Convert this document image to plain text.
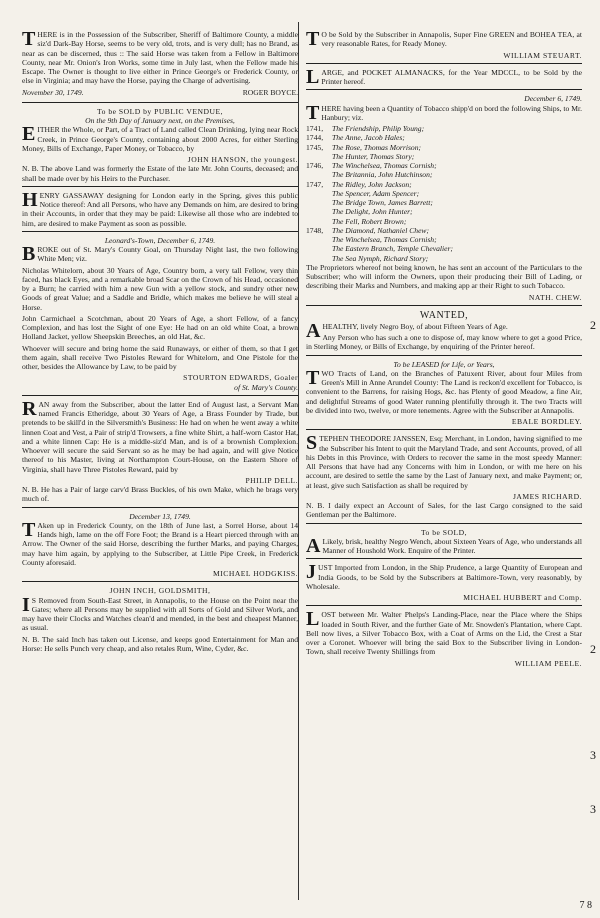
THERE is in the Possession of the Subscriber, Sheriff of Baltimore County, a middle siz'd Dark-Bay Horse, seems to be very old, trots, and is very dull; has no Brand, as near as can be discerned, thus :: The said Horse was taken from a Fellow in Baltimore County, near Mr. Onion's Iron Works, some time in July last, when the Fellow made his Escape. The Owner is thought to live either in Prince George's or Frederick County, or else in Virginia; and may have the Horse, paying the Charge of advertising.

November 30, 1749.	ROGER BOYCE.

To be SOLD by PUBLIC VENDUE,
On the 9th Day of January next, on the Premises,

EITHER the Whole, or Part, of a Tract of Land called Clean Drinking, lying near Rock Creek, in Prince George's County, containing about 2000 Acres, for either Sterling Money, Bills of Exchange, Paper Money, or Tobacco, by

JOHN HANSON, the youngest.

N. B. The above Land was formerly the Estate of the late Mr. John Courts, deceased; and shall be made over by his Heirs to the Purchaser.

HENRY GASSAWAY designing for London early in the Spring, gives this public Notice thereof: And all Persons, who have any Demands on him, are desired to bring in their Accounts, in order that they may be paid: Likewise all those who are indebted to him, are desired to make Payment as soon as possible.

Leonard's-Town, December 6, 1749.

BROKE out of St. Mary's County Goal, on Thursday Night last, the two following White Men; viz.

Nicholas Whitelorn, about 30 Years of Age, Country born, a very tall Fellow, very thin faced, has black Eyes, and a remarkable broad Scar on the Crown of his Head, occasioned by a Burn; he carried with him a new Gun with a yellow stock, and sundry other new Goods of great Value; and a Saddle and Bridle, which makes me believe he will steal a Horse.

John Carmichael a Scotchman, about 20 Years of Age, a short Fellow, of a fancy Complexion, and has lost the Sight of one Eye: He had on an old white Coat, a brown Holland Jacket, yellow Sheepskin Breeches, an old Hat, &c.

Whoever will secure and bring home the said Runaways, or either of them, so that I get them again, shall receive Two Pistoles Reward for Whitelorn, and One Pistole for the other, besides the Allowance by Law, to be paid by

STOURTON EDWARDS, Goaler
of St. Mary's County.

RAN away from the Subscriber, about the latter End of August last, a Servant Man named Francis Etheridge, about 30 Years of Age, a Brass Founder by Trade, but pretends to be skill'd in the Silversmith's Business: He had on when he went away a white linnen Coat and Vest, a Pair of strip'd Trowsers, a fine white Shirt, a half-worn Castor Hat, and a white linnen Cap: He is a middle-siz'd Man, and is of a brownish Complexion. Whoever will secure the said Servant so as he may be had again, and will give Notice thereof to his Master, living at Northampton Court-House, on the Eastern Shore of Virginia, shall have Three Pistoles Reward, paid by

PHILIP DELL.

N. B. He has a Pair of large carv'd Brass Buckles, of his own Make, which he brags very much of.

December 13, 1749.

T Aken up in Frederick County, on the 18th of June last, a Sorrel Horse, about 14 Hands high, lame on the off Fore Foot; the Brand is a Heart pierced through with an Arrow. The Owner of the said Horse, describing the further Marks, and paying Charges, may have him again, by applying to the Subscriber, at Little Pipe Creek, in Frederick County aforesaid.

MICHAEL HODGKISS.
JOHN INCH, GOLDSMITH,

I S Removed from South-East Street, in Annapolis, to the House on the Point near the Gates; where all Persons may be supplied with all Sorts of Gold and Silver Work, and may have their Clocks and Watches clean'd and mended, in the best and cheapest Manner, as usual.

N. B. The said Inch has taken out License, and keeps good Entertainment for Man and Horse: He sells Punch very cheap, and also retales Rum, Wine, Cyder, &c.

T O be Sold by the Subscriber in Annapolis, Super Fine GREEN and BOHEA TEA, at very reasonable Rates, for Ready Money.

WILLIAM STEUART.

LARGE, and POCKET ALMANACKS, for the Year MDCCL, to be Sold by the Printer hereof.

December 6, 1749.

THERE having been a Quantity of Tobacco shipp'd on bord the following Ships, to Mr. Hanbury; viz.

1741, The Friendship, Philip Young;
1744, The Anne, Jacob Hales;
1745, The Rose, Thomas Morrison;
The Hunter, Thomas Story;
1746, The Winchelsea, Thomas Cornish;
The Britannia, John Hutchinson;
1747, The Ridley, John Jackson;
The Spencer, Adam Spencer;
The Bridge Town, James Barrett;
The Delight, John Hunter;
The Fell, Robert Brown;
1748, The Diamond, Nathaniel Chew;
The Winchelsea, Thomas Cornish;
The Eastern Branch, Temple Chevalier;
The Sea Nymph, Richard Story;

The Proprietors whereof not being known, he has sent an account of the Particulars to the Subscriber; who will inform the Owners, upon their producing their Bill of Lading, or describing their Marks and Numbers, and making app ar their Right to such Tobacco.

NATH. CHEW.
WANTED,

AHEALTHY, lively Negro Boy, of about Fifteen Years of Age.

Any Person who has such a one to dispose of, may know where to get a good Price, in Sterling Money, or Bills of Exchange, by enquiring of the Printer hereof.

To be LEASED for Life, or Years,

TWO Tracts of Land, on the Branches of Patuxent River, about four Miles from Green's Mill in Anne Arundel County: The Land is reckon'd excellent for Tobacco, is convenient to the Barrens, for raising Hogs, &c. has Plenty of good Meadow, a fine Air, and delightful Streams of good Water running plentifully through it. The two Tracts will be divided into two, twelve, or more tenements. Agree with the Subscriber at Annapolis.

EBALE BORDLEY.

STEPHEN THEODORE JANSSEN, Esq; Merchant, in London, having signified to me the Subscriber his Intent to quit the Maryland Trade, and sent Accounts, proved, of all his Debts in this Province, with Orders to recover the same in the most speedy Manner: All Persons that have had any Concerns with him in London, or with me here on his account, are desired to settle the same by the Last of January next, and make Payment; or, at least, give such Satisfaction as shall be required by

JAMES RICHARD.

N. B. I daily expect an Account of Sales, for the last Cargo consigned to the said Gentleman per the Baltimore.

To be SOLD,

A Likely, brisk, healthy Negro Wench, about Sixteen Years of Age, who understands all Manner of Houshold Work. Enquire of the Printer.

JUST Imported from London, in the Ship Prudence, a large Quantity of European and India Goods, to be Sold by the Subscribers at Baltimore-Town, very reasonably, by Wholesale.

MICHAEL HUBBERT and Comp.

LOST between Mr. Walter Phelps's Landing-Place, near the Place where the Ships loaded in South River, and the further Gate of Mr. Snowden's Plantation, where Capt. Bell now lives, a Silver Tobacco Box, with a Coat of Arms on the Lid, the Crest a Star over a Coronet. Whoever will bring the said Box to the Subscriber living in London-Town, shall receive Twenty Shillings from

WILLIAM PEELE.
2
2
3
3
7 8
